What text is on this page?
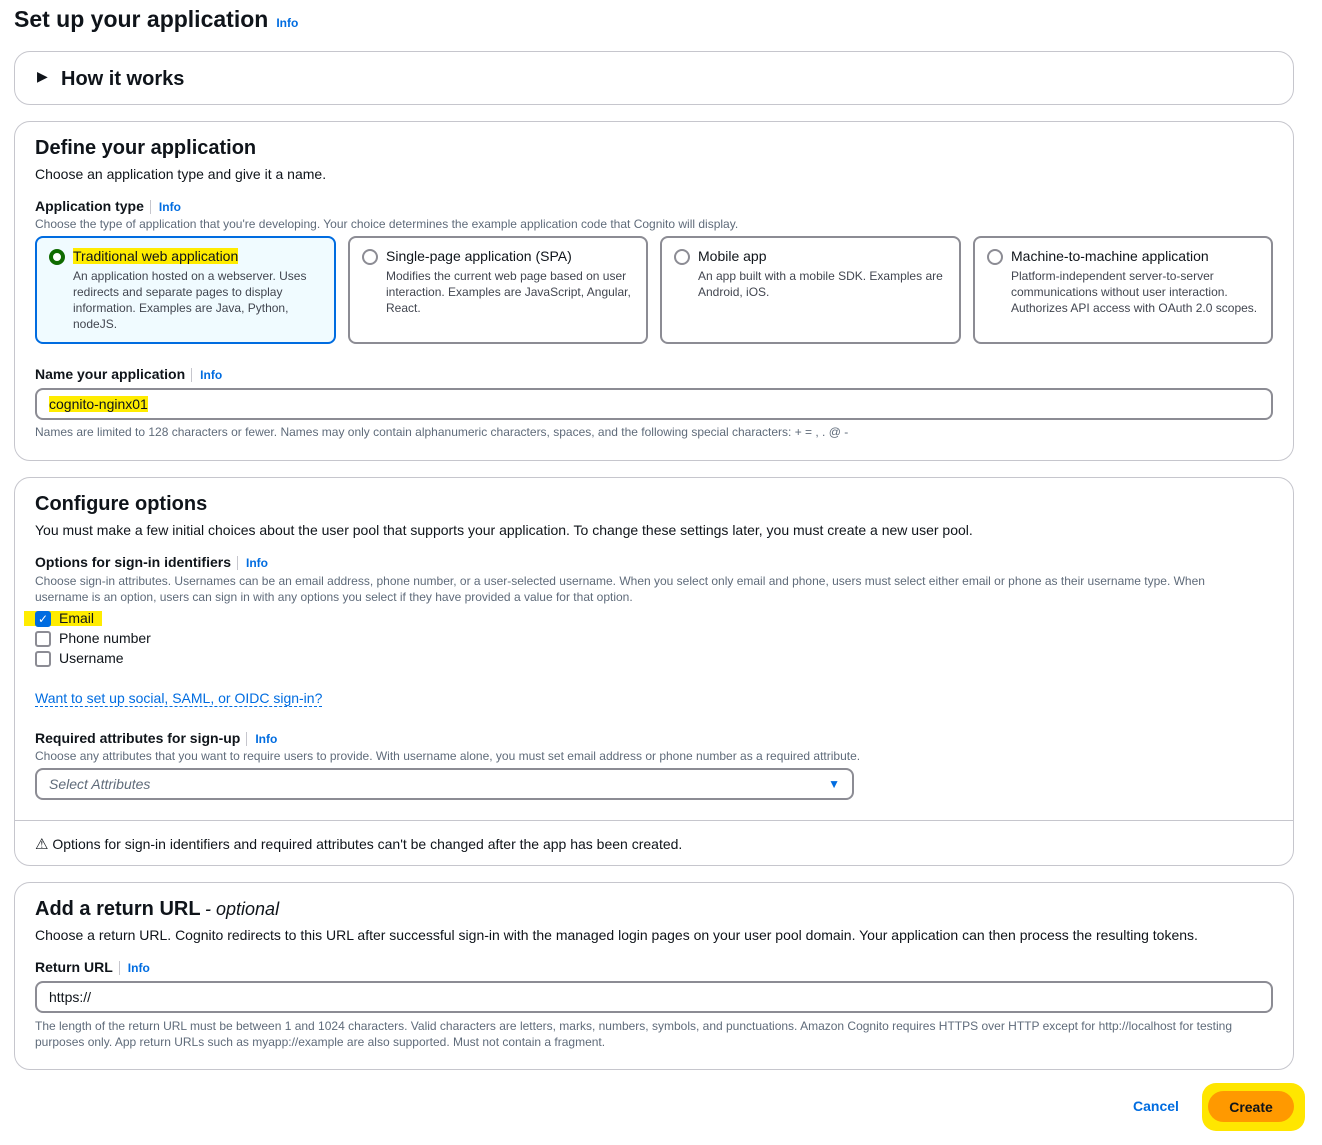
Set up your application Info
▶ How it works
Define your application
Choose an application type and give it a name.
Application type Info
Choose the type of application that you're developing. Your choice determines the example application code that Cognito will display.
Traditional web application
An application hosted on a webserver. Uses redirects and separate pages to display information. Examples are Java, Python, nodeJS.
Single-page application (SPA)
Modifies the current web page based on user interaction. Examples are JavaScript, Angular, React.
Mobile app
An app built with a mobile SDK. Examples are Android, iOS.
Machine-to-machine application
Platform-independent server-to-server communications without user interaction. Authorizes API access with OAuth 2.0 scopes.
Name your application Info
cognito-nginx01
Names are limited to 128 characters or fewer. Names may only contain alphanumeric characters, spaces, and the following special characters: + = , . @ -
Configure options
You must make a few initial choices about the user pool that supports your application. To change these settings later, you must create a new user pool.
Options for sign-in identifiers Info
Choose sign-in attributes. Usernames can be an email address, phone number, or a user-selected username. When you select only email and phone, users must select either email or phone as their username type. When username is an option, users can sign in with any options you select if they have provided a value for that option.
✓ Email
Phone number
Username
Want to set up social, SAML, or OIDC sign-in?
Required attributes for sign-up Info
Choose any attributes that you want to require users to provide. With username alone, you must set email address or phone number as a required attribute.
Select Attributes	▼
⚠ Options for sign-in identifiers and required attributes can't be changed after the app has been created.
Add a return URL - optional
Choose a return URL. Cognito redirects to this URL after successful sign-in with the managed login pages on your user pool domain. Your application can then process the resulting tokens.
Return URL Info
https://
The length of the return URL must be between 1 and 1024 characters. Valid characters are letters, marks, numbers, symbols, and punctuations. Amazon Cognito requires HTTPS over HTTP except for http://localhost for testing purposes only. App return URLs such as myapp://example are also supported. Must not contain a fragment.
Cancel	Create
